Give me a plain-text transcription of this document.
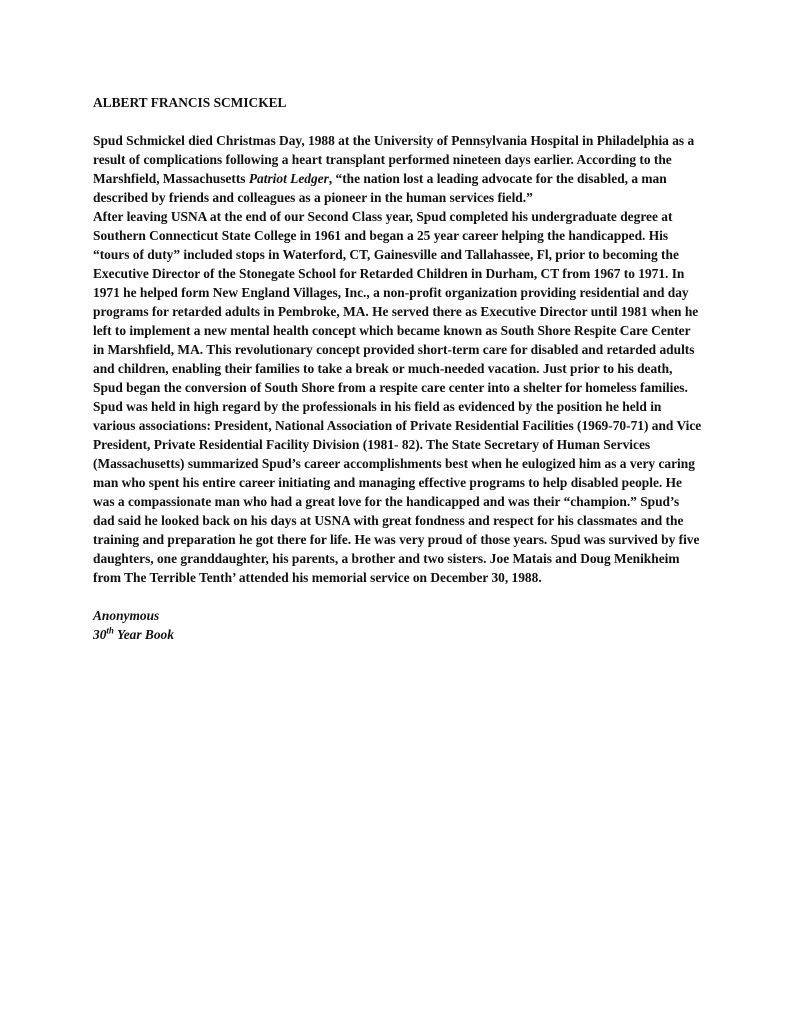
ALBERT FRANCIS SCMICKEL

Spud Schmickel died Christmas Day, 1988 at the University of Pennsylvania Hospital in Philadelphia as a result of complications following a heart transplant performed nineteen days earlier. According to the Marshfield, Massachusetts Patriot Ledger, “the nation lost a leading advocate for the disabled, a man described by friends and colleagues as a pioneer in the human services field.”

After leaving USNA at the end of our Second Class year, Spud completed his undergraduate degree at Southern Connecticut State College in 1961 and began a 25 year career helping the handicapped. His “tours of duty” included stops in Waterford, CT, Gainesville and Tallahassee, Fl, prior to becoming the Executive Director of the Stonegate School for Retarded Children in Durham, CT from 1967 to 1971. In 1971 he helped form New England Villages, Inc., a non-profit organization providing residential and day programs for retarded adults in Pembroke, MA. He served there as Executive Director until 1981 when he left to implement a new mental health concept which became known as South Shore Respite Care Center in Marshfield, MA. This revolutionary concept provided short-term care for disabled and retarded adults and children, enabling their families to take a break or much-needed vacation. Just prior to his death, Spud began the conversion of South Shore from a respite care center into a shelter for homeless families.

Spud was held in high regard by the professionals in his field as evidenced by the position he held in various associations: President, National Association of Private Residential Facilities (1969-70-71) and Vice President, Private Residential Facility Division (1981- 82). The State Secretary of Human Services (Massachusetts) summarized Spud’s career accomplishments best when he eulogized him as a very caring man who spent his entire career initiating and managing effective programs to help disabled people. He was a compassionate man who had a great love for the handicapped and was their “champion.” Spud’s dad said he looked back on his days at USNA with great fondness and respect for his classmates and the training and preparation he got there for life. He was very proud of those years. Spud was survived by five daughters, one granddaughter, his parents, a brother and two sisters. Joe Matais and Doug Menikheim from The Terrible Tenth’ attended his memorial service on December 30, 1988.

Anonymous
30th Year Book
